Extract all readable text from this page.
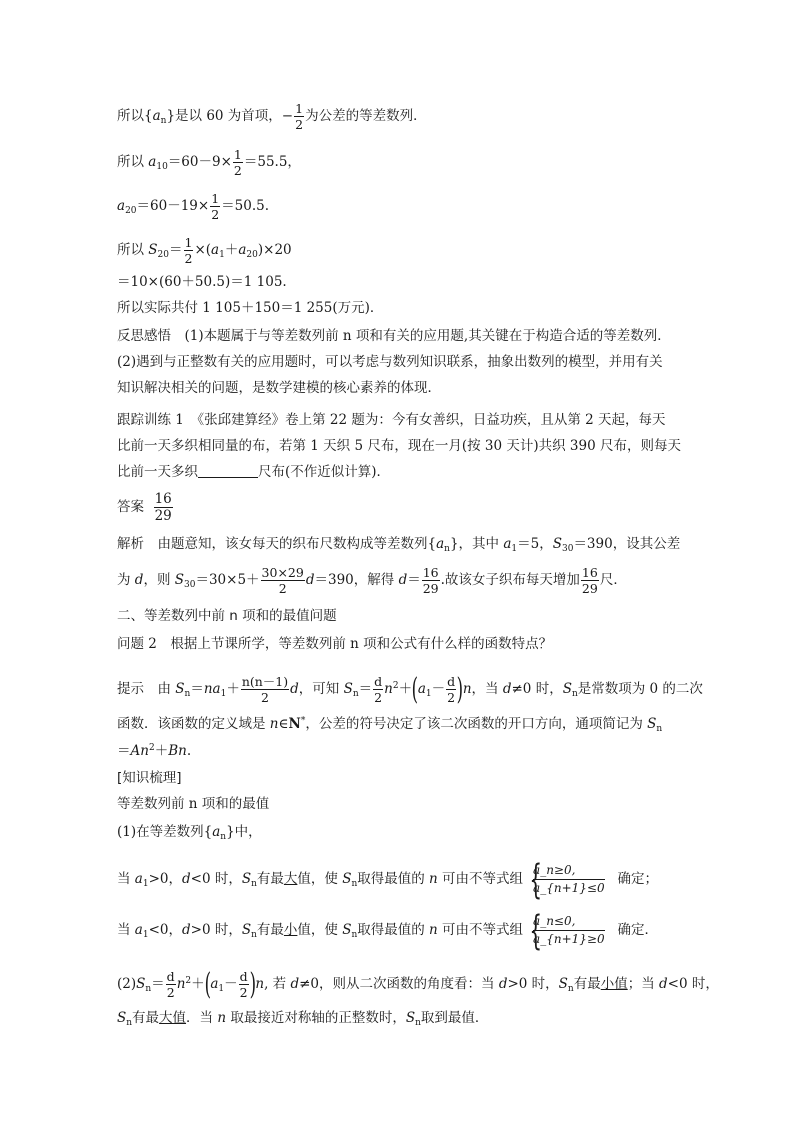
所以$\{a_n\}$是以 60 为首项，− $\frac{1}{2}$ 为公差的等差数列．
所以 $a_{10}=60-9\times \frac{1}{2} =55.5$，
$a_{20}=60-19\times \frac{1}{2} =50.5$.
所以 $S_{20}= \frac{1}{2} \times(a_1+a_{20})\times 20$
＝10×(60＋50.5)＝1 105.
所以实际共付 1 105＋150＝1 255(万元)．
反思感悟　(1)本题属于与等差数列前 n 项和有关的应用题,其关键在于构造合适的等差数列．
(2)遇到与正整数有关的应用题时，可以考虑与数列知识联系，抽象出数列的模型，并用有关
知识解决相关的问题，是数学建模的核心素养的体现．
跟踪训练 1　《张邱建算经》卷上第 22 题为：今有女善织，日益功疾，且从第 2 天起，每天
比前一天多织相同量的布，若第 1 天织 5 尺布，现在一月(按 30 天计)共织 390 尺布，则每天
比前一天多织	尺布(不作近似计算)．
答案 $\frac{16}{29}$
解析　由题意知，该女每天的织布尺数构成等差数列$\{a_n\}$，其中 $a_1=5$，$S_{30}=390$，设其公差
为 d，则 $S_{30}=30\times 5+ \frac{30\times 29}{2} d=390$，解得 $d= \frac{16}{29}$ .故该女子织布每天增加 $\frac{16}{29}$ 尺．
二、等差数列中前 n 项和的最值问题
问题 2　根据上节课所学，等差数列前 n 项和公式有什么样的函数特点？
提示　由 $S_n=na_1+ \frac{n(n-1)}{2}$ d，可知 $S_n= \frac{d}{2} n^2+(a_1- \frac{d}{2} )n$，当 d≠0 时，$S_n$是常数项为 0 的二次
函数．该函数的定义域是 n∈N*，公差的符号决定了该二次函数的开口方向，通项简记为 $S_n$
$=An^2+Bn$.
[知识梳理]
等差数列前 n 项和的最值
(1)在等差数列$\{a_n\}$中，
当 $a_1>0$，d<0 时，$S_n$有最大值，使 $S_n$取得最值的 n 可由不等式组 {
a_n≥0,
a_{n+1}≤0
确定；
当 $a_1<0$，d>0 时，$S_n$有最小值，使 $S_n$取得最值的 n 可由不等式组 {
a_n≤0,
a_{n+1}≥0
确定．
$(2)S_n= \frac{d}{2} n^2+(a_1- \frac{d}{2} )n$, 若 d≠0，则从二次函数的角度看：当 d>0 时，$S_n$有最小值；当 d<0 时，
$S_n$有最大值．当 n 取最接近对称轴的正整数时，$S_n$取到最值．
